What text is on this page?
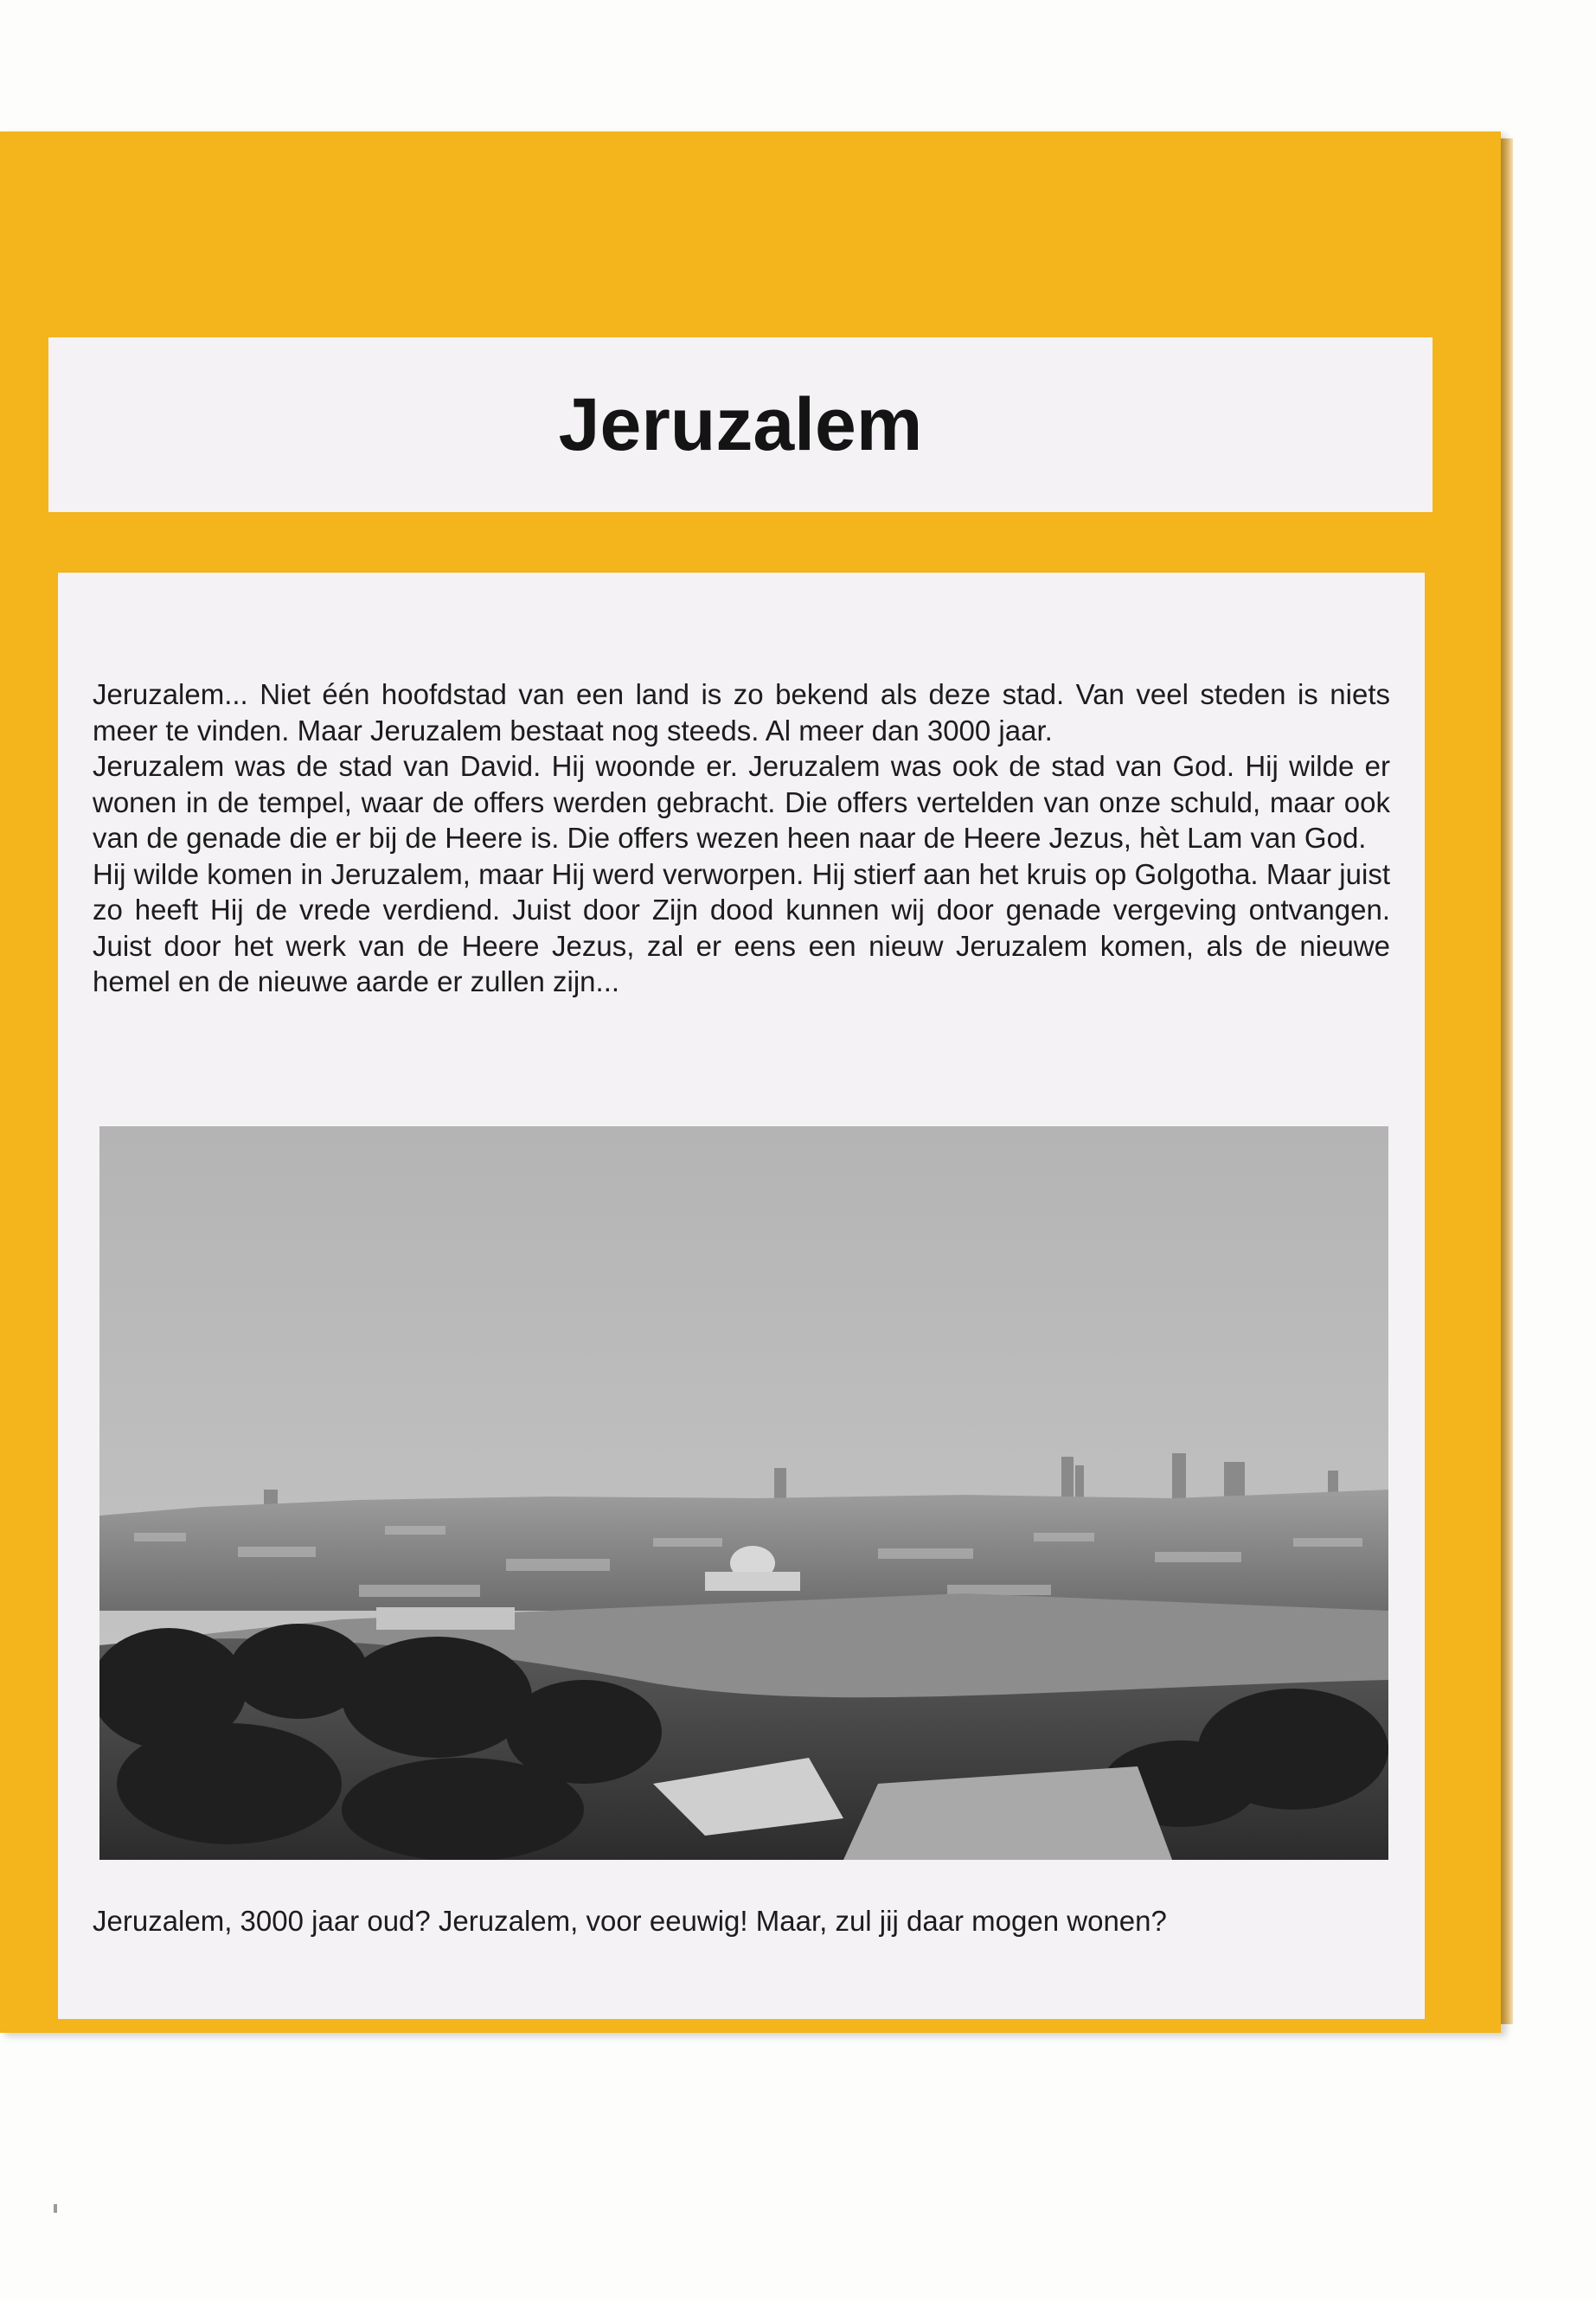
Jeruzalem

Jeruzalem... Niet één hoofdstad van een land is zo bekend als deze stad. Van veel steden is niets meer te vinden. Maar Jeruzalem bestaat nog steeds. Al meer dan 3000 jaar.

Jeruzalem was de stad van David. Hij woonde er. Jeruzalem was ook de stad van God. Hij wilde er wonen in de tempel, waar de offers werden gebracht. Die offers vertelden van onze schuld, maar ook van de genade die er bij de Heere is. Die offers wezen heen naar de Heere Jezus, hèt Lam van God.

Hij wilde komen in Jeruzalem, maar Hij werd verworpen. Hij stierf aan het kruis op Golgotha. Maar juist zo heeft Hij de vrede verdiend. Juist door Zijn dood kunnen wij door genade vergeving ontvangen. Juist door het werk van de Heere Jezus, zal er eens een nieuw Jeruzalem komen, als de nieuwe hemel en de nieuwe aarde er zullen zijn...

Jeruzalem, 3000 jaar oud? Jeruzalem, voor eeuwig! Maar, zul jij daar mogen wonen?
